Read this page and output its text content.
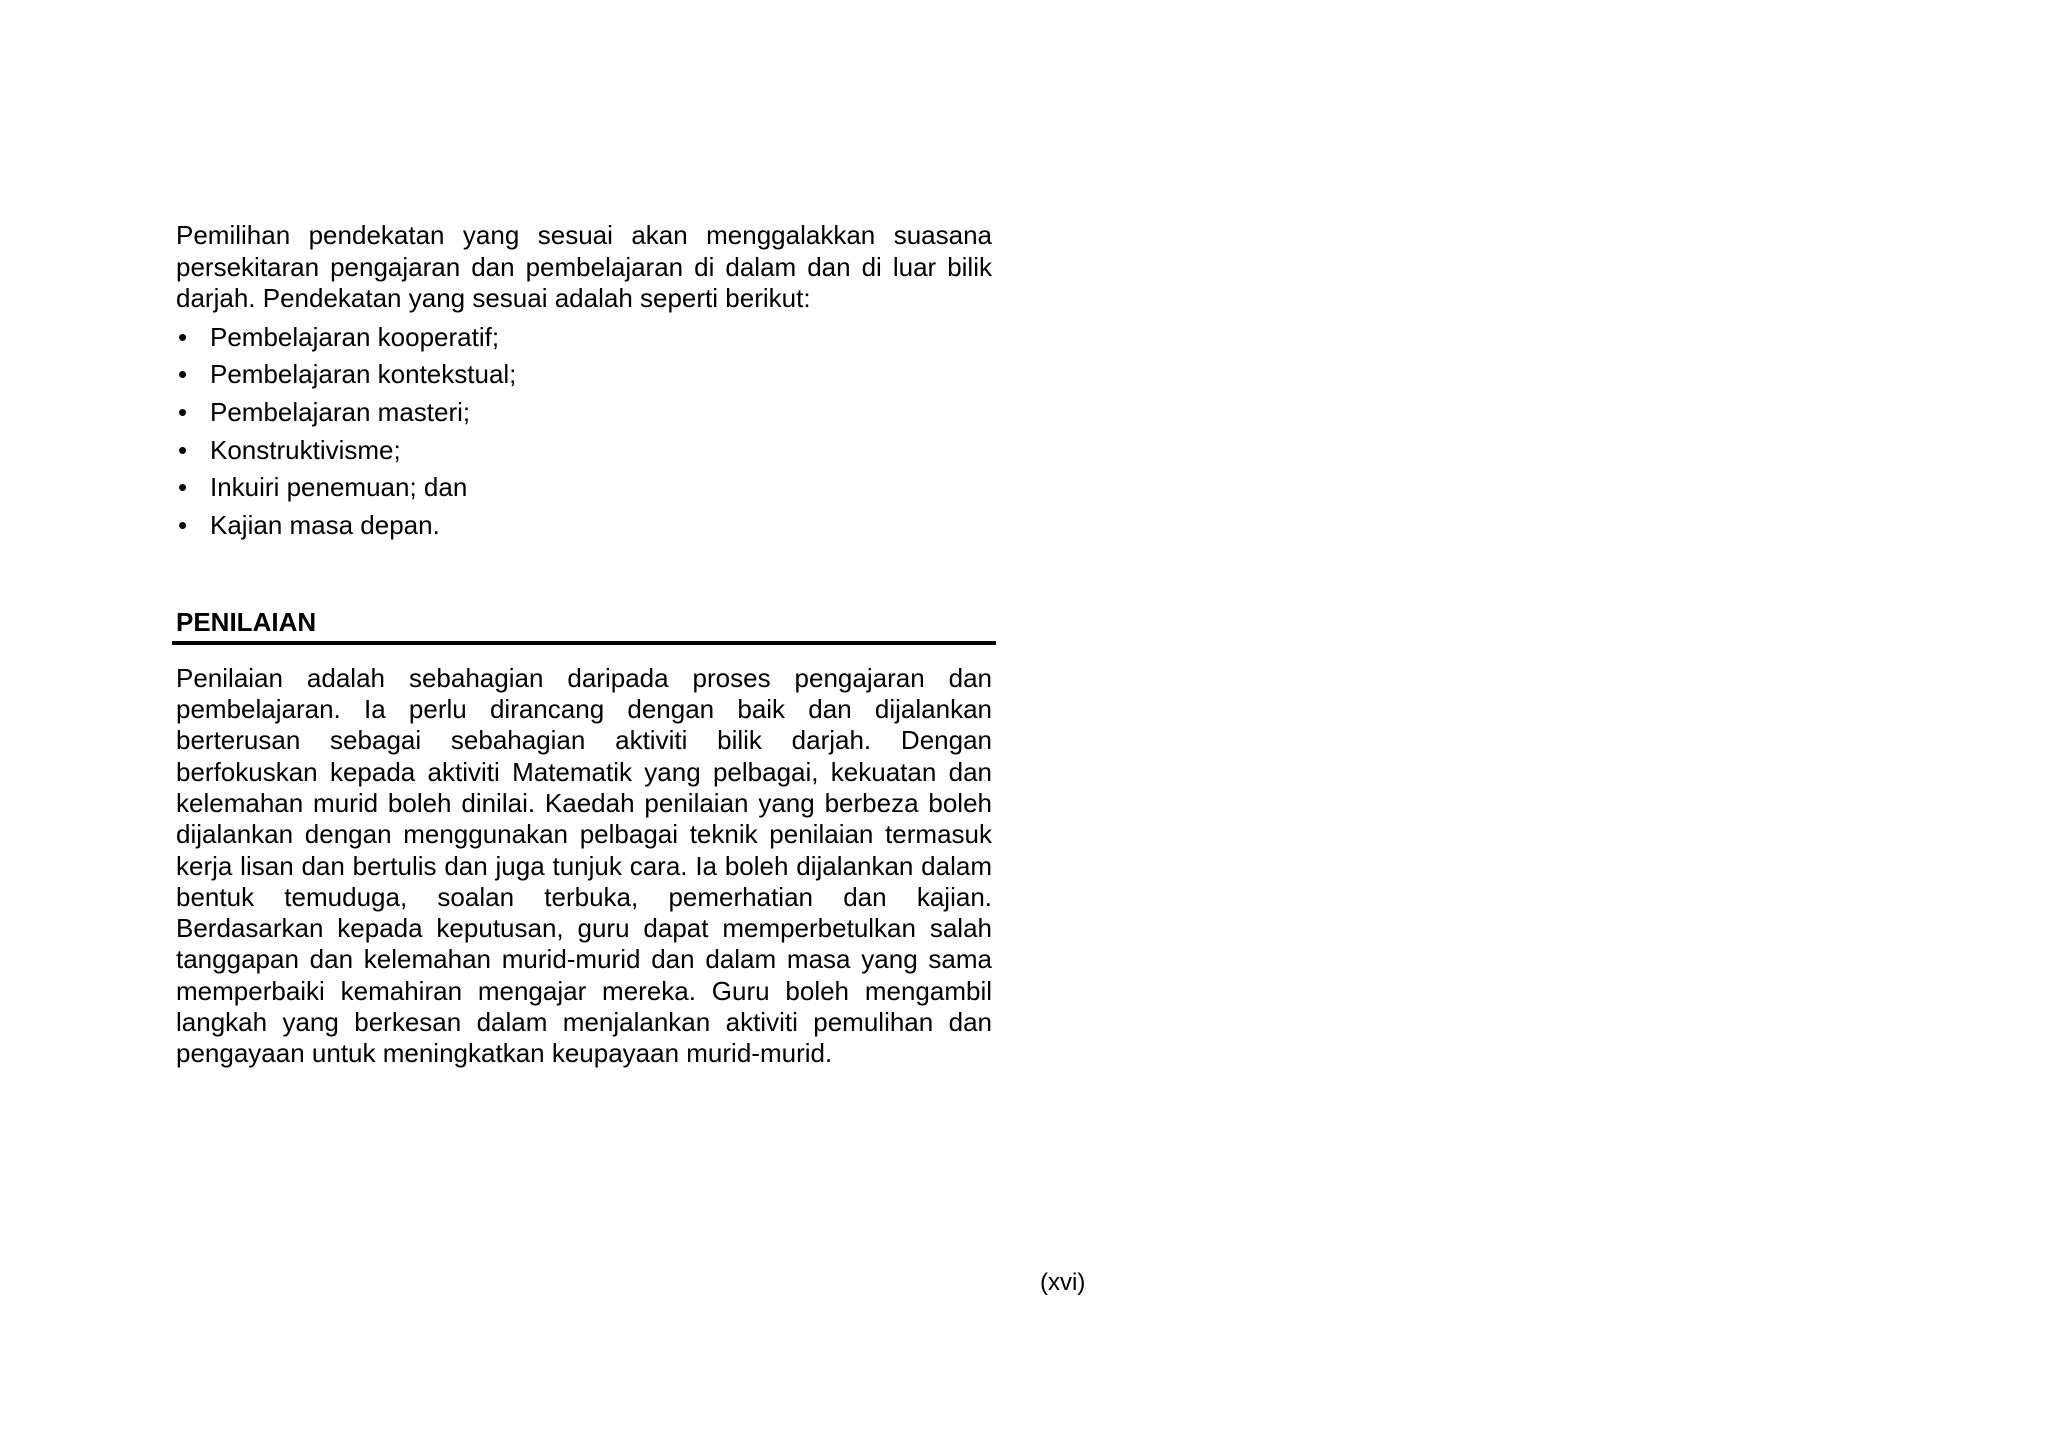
Pemilihan pendekatan yang sesuai akan menggalakkan suasana persekitaran pengajaran dan pembelajaran di dalam dan di luar bilik darjah. Pendekatan yang sesuai adalah seperti berikut:

• Pembelajaran kooperatif;
• Pembelajaran kontekstual;
• Pembelajaran masteri;
• Konstruktivisme;
• Inkuiri penemuan; dan
• Kajian masa depan.
PENILAIAN

Penilaian adalah sebahagian daripada proses pengajaran dan pembelajaran. Ia perlu dirancang dengan baik dan dijalankan berterusan sebagai sebahagian aktiviti bilik darjah. Dengan berfokuskan kepada aktiviti Matematik yang pelbagai, kekuatan dan kelemahan murid boleh dinilai. Kaedah penilaian yang berbeza boleh dijalankan dengan menggunakan pelbagai teknik penilaian termasuk kerja lisan dan bertulis dan juga tunjuk cara. Ia boleh dijalankan dalam bentuk temuduga, soalan terbuka, pemerhatian dan kajian. Berdasarkan kepada keputusan, guru dapat memperbetulkan salah tanggapan dan kelemahan murid-murid dan dalam masa yang sama memperbaiki kemahiran mengajar mereka. Guru boleh mengambil langkah yang berkesan dalam menjalankan aktiviti pemulihan dan pengayaan untuk meningkatkan keupayaan murid-murid.

(xvi)
